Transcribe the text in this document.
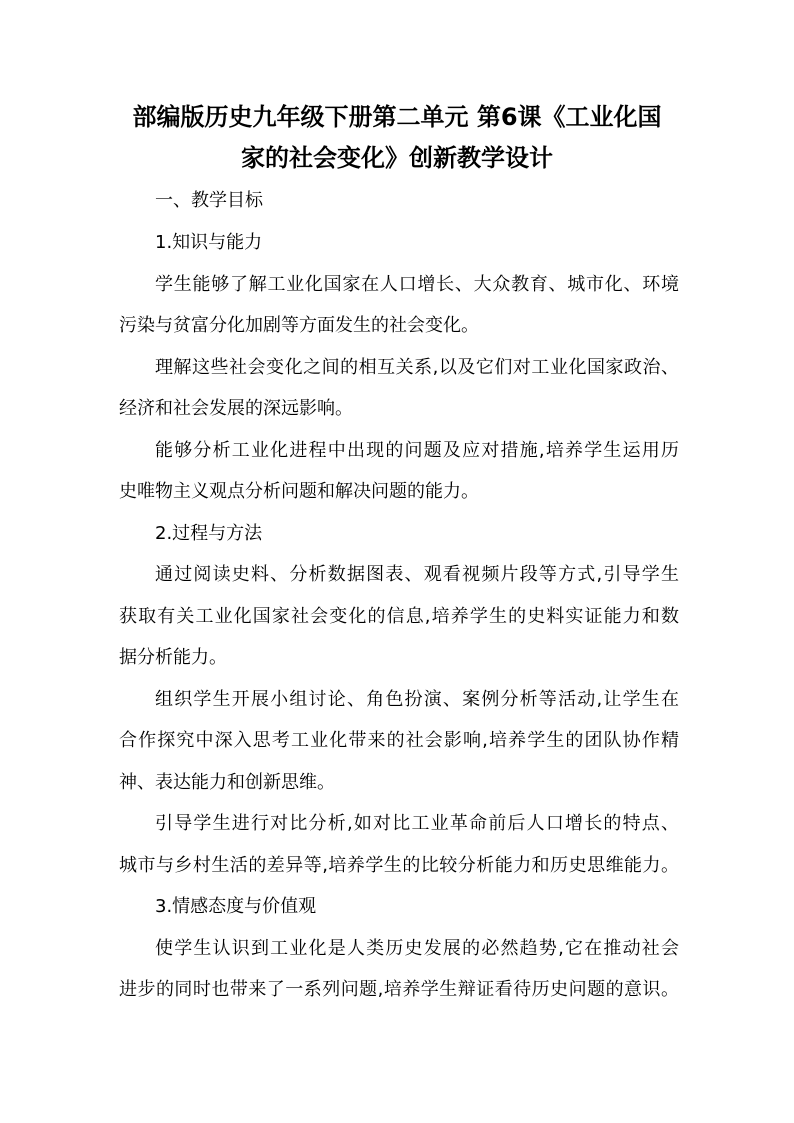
部编版历史九年级下册第二单元 第6课《工业化国
家的社会变化》创新教学设计

一、教学目标

1.知识与能力

学生能够了解工业化国家在人口增长、大众教育、城市化、环境

污染与贫富分化加剧等方面发生的社会变化。

理解这些社会变化之间的相互关系,以及它们对工业化国家政治、

经济和社会发展的深远影响。

能够分析工业化进程中出现的问题及应对措施,培养学生运用历

史唯物主义观点分析问题和解决问题的能力。

2.过程与方法

通过阅读史料、分析数据图表、观看视频片段等方式,引导学生

获取有关工业化国家社会变化的信息,培养学生的史料实证能力和数

据分析能力。

组织学生开展小组讨论、角色扮演、案例分析等活动,让学生在

合作探究中深入思考工业化带来的社会影响,培养学生的团队协作精

神、表达能力和创新思维。

引导学生进行对比分析,如对比工业革命前后人口增长的特点、

城市与乡村生活的差异等,培养学生的比较分析能力和历史思维能力。

3.情感态度与价值观

使学生认识到工业化是人类历史发展的必然趋势,它在推动社会

进步的同时也带来了一系列问题,培养学生辩证看待历史问题的意识。
